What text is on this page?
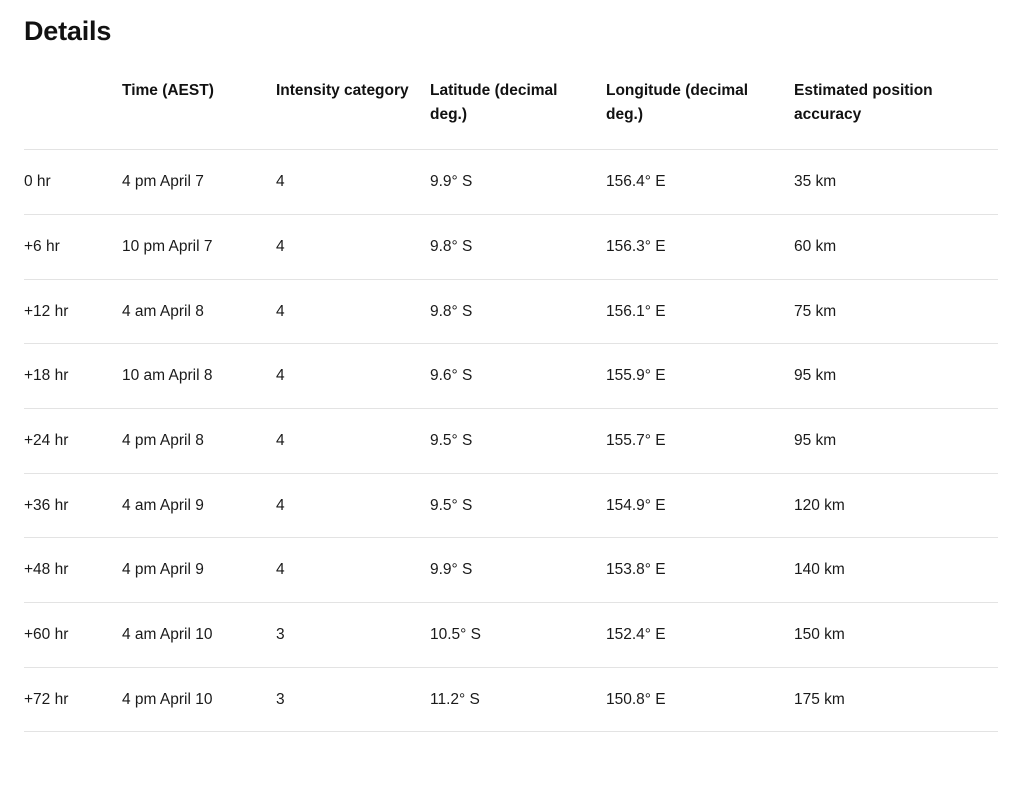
Details
	Time (AEST)	Intensity category	Latitude (decimal deg.)	Longitude (decimal deg.)	Estimated position accuracy
0 hr	4 pm April 7	4	9.9° S	156.4° E	35 km
+6 hr	10 pm April 7	4	9.8° S	156.3° E	60 km
+12 hr	4 am April 8	4	9.8° S	156.1° E	75 km
+18 hr	10 am April 8	4	9.6° S	155.9° E	95 km
+24 hr	4 pm April 8	4	9.5° S	155.7° E	95 km
+36 hr	4 am April 9	4	9.5° S	154.9° E	120 km
+48 hr	4 pm April 9	4	9.9° S	153.8° E	140 km
+60 hr	4 am April 10	3	10.5° S	152.4° E	150 km
+72 hr	4 pm April 10	3	11.2° S	150.8° E	175 km
